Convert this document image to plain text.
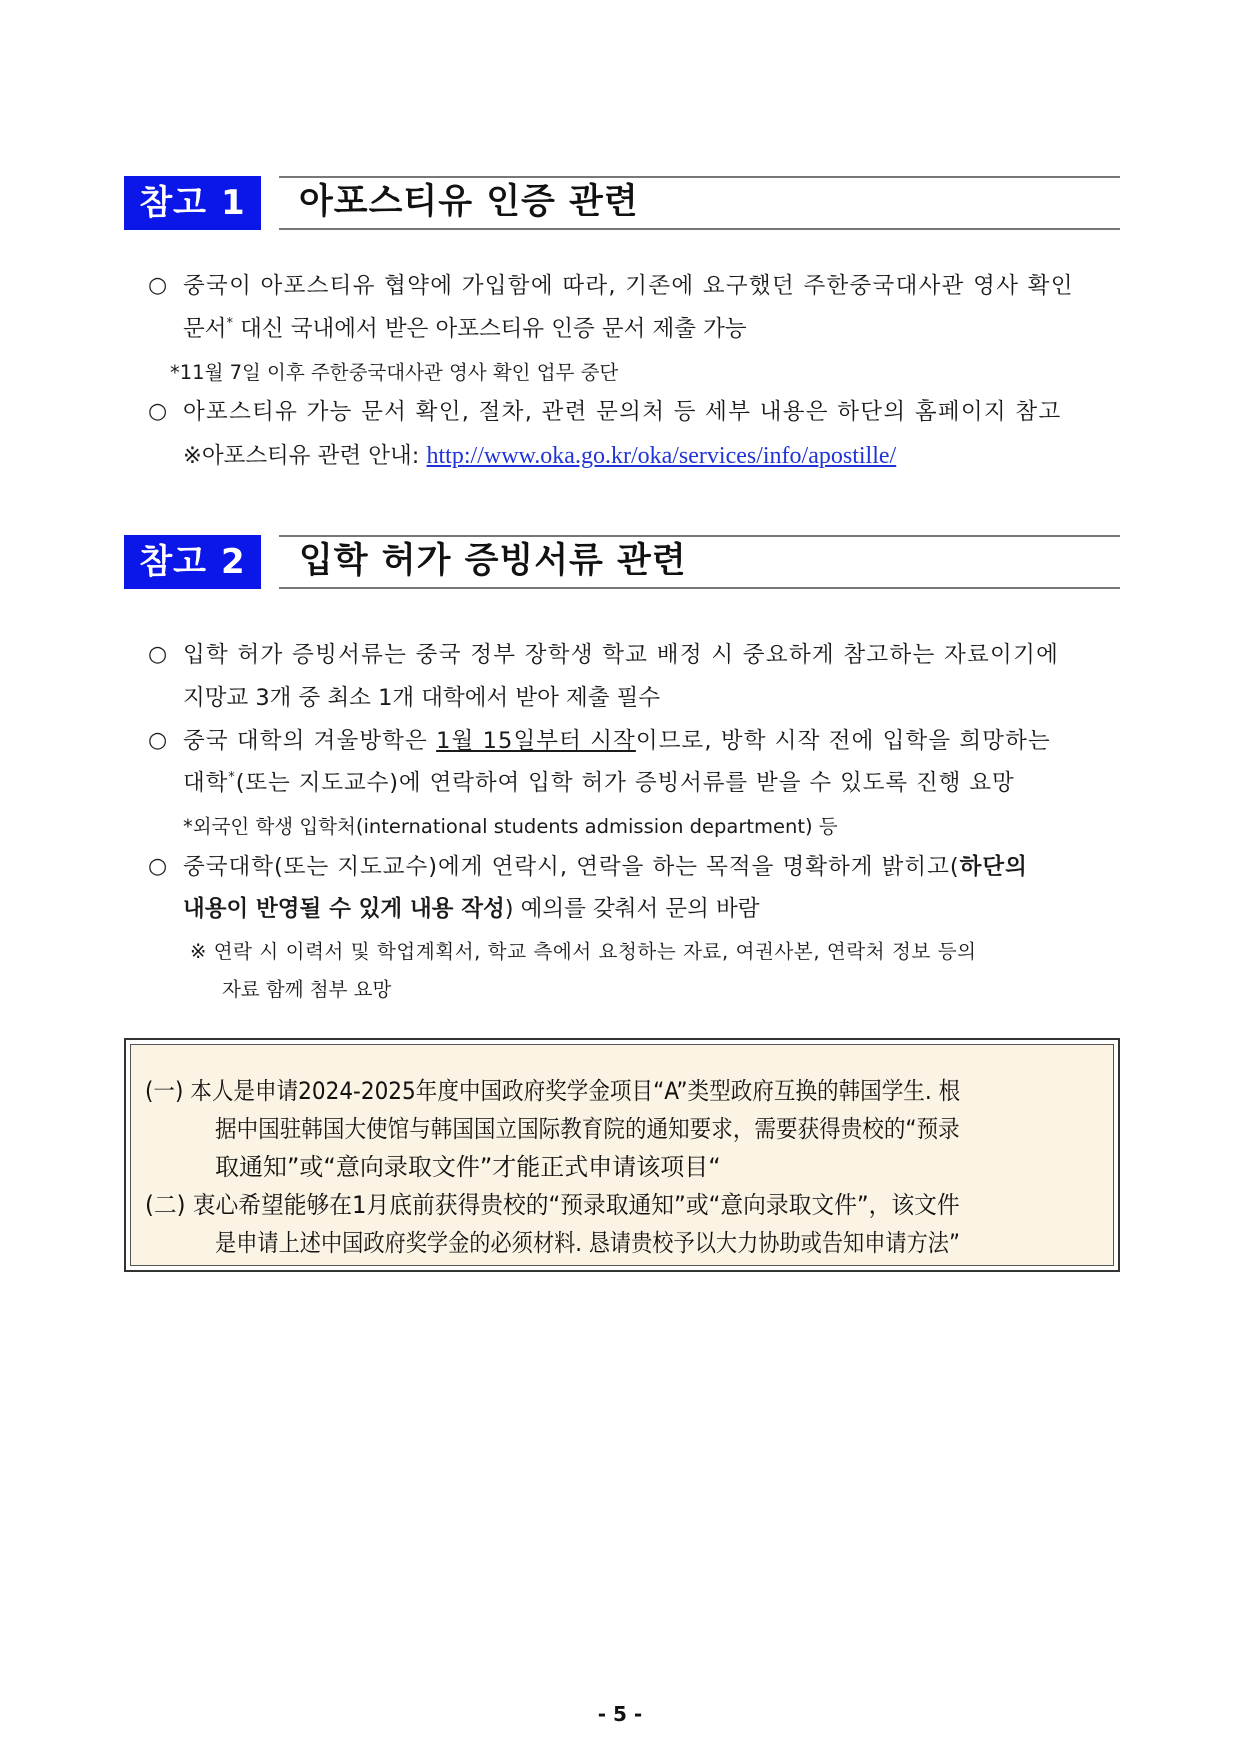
참고 1	아포스티유 인증 관련
○ 중국이 아포스티유 협약에 가입함에 따라, 기존에 요구했던 주한중국대사관 영사 확인
문서* 대신 국내에서 받은 아포스티유 인증 문서 제출 가능
*11월 7일 이후 주한중국대사관 영사 확인 업무 중단
○ 아포스티유 가능 문서 확인, 절차, 관련 문의처 등 세부 내용은 하단의 홈페이지 참고
※아포스티유 관련 안내: http://www.oka.go.kr/oka/services/info/apostille/
참고 2	입학 허가 증빙서류 관련
○ 입학 허가 증빙서류는 중국 정부 장학생 학교 배정 시 중요하게 참고하는 자료이기에
지망교 3개 중 최소 1개 대학에서 받아 제출 필수
○ 중국 대학의 겨울방학은 1월 15일부터 시작이므로, 방학 시작 전에 입학을 희망하는
대학*(또는 지도교수)에 연락하여 입학 허가 증빙서류를 받을 수 있도록 진행 요망
*외국인 학생 입학처(international students admission department) 등
○ 중국대학(또는 지도교수)에게 연락시, 연락을 하는 목적을 명확하게 밝히고(하단의
내용이 반영될 수 있게 내용 작성) 예의를 갖춰서 문의 바람
※ 연락 시 이력서 및 학업계획서, 학교 측에서 요청하는 자료, 여권사본, 연락처 정보 등의
자료 함께 첨부 요망
(一) 本人是申请2024-2025年度中国政府奖学金项目“A”类型政府互换的韩国学生. 根
据中国驻韩国大使馆与韩国国立国际教育院的通知要求，需要获得贵校的“预录
取通知”或“意向录取文件”才能正式申请该项目“
(二) 衷心希望能够在1月底前获得贵校的“预录取通知”或“意向录取文件”，该文件
是申请上述中国政府奖学金的必须材料. 恳请贵校予以大力协助或告知申请方法”
- 5 -
